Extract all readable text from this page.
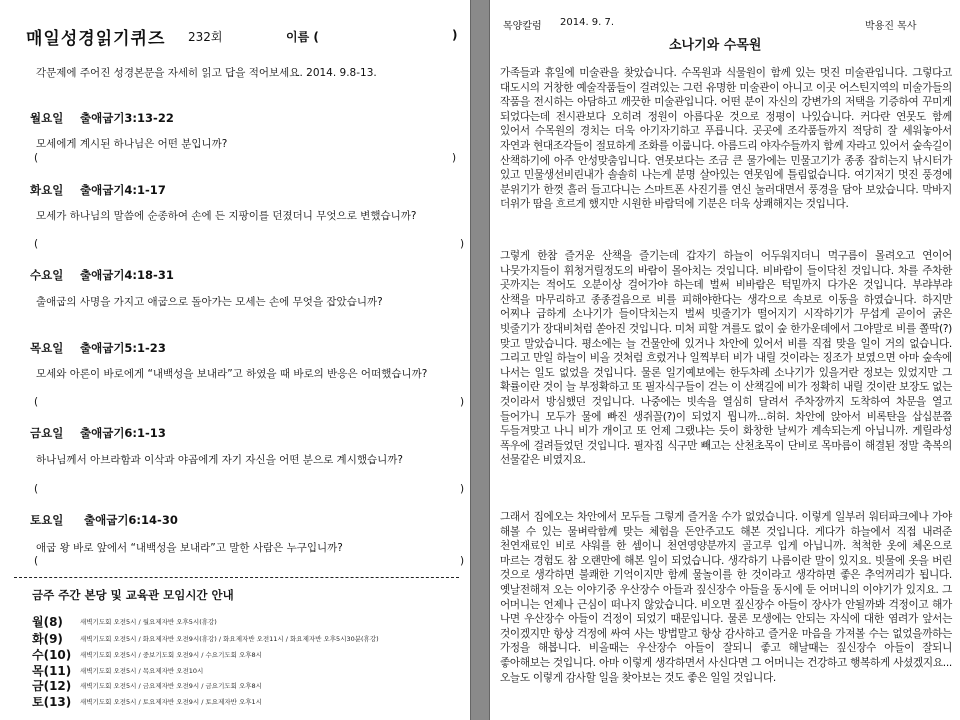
매일성경읽기퀴즈 232회	이름 (	)
각문제에 주어진 성경본문을 자세히 읽고 답을 적어보세요. 2014. 9.8-13.
월요일 출애굽기3:13-22
모세에게 계시된 하나님은 어떤 분입니까?
(	)
화요일 출애굽기4:1-17
모세가 하나님의 말씀에 순종하여 손에 든 지팡이를 던졌더니 무엇으로 변했습니까?
(	)
수요일 출애굽기4:18-31
출애굽의 사명을 가지고 애굽으로 돌아가는 모세는 손에 무엇을 잡았습니까?
목요일 출애굽기5:1-23
모세와 아론이 바로에게 “내백성을 보내라”고 하였을 때 바로의 반응은 어떠했습니까?
(	)
금요일 출애굽기6:1-13
하나님께서 아브라함과 이삭과 야곱에게 자기 자신을 어떤 분으로 계시했습니까?
(	)
토요일 출애굽기6:14-30
애굽 왕 바로 앞에서 “내백성을 보내라”고 말한 사람은 누구입니까?
(	)
금주 주간 본당 및 교육관 모임시간 안내
월(8)	새벽기도회 오전5시 / 월요제자반 오후5시(휴강)
화(9)	새벽기도회 오전5시 / 화요제자반 오전9시(휴강) / 화요제자반 오전11시 / 화요제자반 오후5시30분(휴강)
수(10) 새벽기도회 오전5시 / 중보기도회 오전9시 / 수요기도회 오후8시
목(11) 새벽기도회 오전5시 / 목요제자반 오전10시
금(12) 새벽기도회 오전5시 / 금요제자반 오전9시 / 금요기도회 오후8시
토(13) 새벽기도회 오전5시 / 토요제자반 오전9시 / 토요제자반 오후1시
목양칼럼 2014. 9. 7.	박용진 목사
소나기와 수목원

가족들과 휴일에 미술관을 찾았습니다. 수목원과 식물원이 함께 있는 멋진 미술관입니다. 그렇다고 대도시의 거창한 예술작품들이 걸려있는 그런 유명한 미술관이 아니고 이곳 어스틴지역의 미술가들의 작품을 전시하는 아담하고 깨끗한 미술관입니다. 어떤 분이 자신의 강변가의 저택을 기증하여 꾸미게 되었다는데 전시관보다 오히려 정원이 아름다운 것으로 정평이 나있습니다. 커다란 연못도 함께 있어서 수목원의 경치는 더욱 아기자기하고 푸릅니다. 곳곳에 조각품들까지 적당히 잘 세워놓아서 자연과 현대조각들이 절묘하게 조화를 이룹니다. 아름드리 야자수들까지 함께 자라고 있어서 숲속길이 산책하기에 아주 안성맞춤입니다. 연못보다는 조금 큰 물가에는 민물고기가 종종 잡히는지 낚시터가 있고 민물생선비린내가 솔솔히 나는게 분명 살아있는 연못임에 틀림없습니다. 여기저기 멋진 풍경에 분위기가 한껏 흘러 들고다니는 스마트폰 사진기를 연신 눌러대면서 풍경을 담아 보았습니다. 막바지 더위가 땀을 흐르게 했지만 시원한 바람덕에 기분은 더욱 상쾌해지는 것입니다.

그렇게 한참 즐거운 산책을 즐기는데 갑자기 하늘이 어두워지더니 먹구름이 몰려오고 연이어 나뭇가지들이 휘청거릴정도의 바람이 몰아치는 것입니다. 비바람이 들이닥친 것입니다. 차를 주차한 곳까지는 적어도 오분이상 걸어가야 하는데 벌써 비바람은 턱밑까지 다가온 것입니다. 부랴부랴 산책을 마무리하고 종종걸음으로 비를 피해야한다는 생각으로 속보로 이동을 하였습니다. 하지만 어찌나 급하게 소나기가 들이닥치는지 벌써 빗줄기가 떨어지기 시작하기가 무섭게 곧이어 굵은 빗줄기가 장대비처럼 쏟아진 것입니다. 미처 피할 겨를도 없이 숲 한가운데에서 그야말로 비를 쫄딱(?) 맞고 말았습니다. 평소에는 늘 건물안에 있거나 차안에 있어서 비를 직접 맞을 일이 거의 없습니다. 그리고 만일 하늘이 비올 것처럼 흐렸거나 일찍부터 비가 내릴 것이라는 징조가 보였으면 아마 숲속에 나서는 일도 없었을 것입니다. 물론 일기예보에는 한두차례 소나기가 있을거란 정보는 있었지만 그 확률이란 것이 늘 부정확하고 또 필자식구들이 걷는 이 산책길에 비가 정확히 내릴 것이란 보장도 없는 것이라서 방심했던 것입니다. 나중에는 빗속을 열심히 달려서 주차장까지 도착하여 차문을 열고 들어가니 모두가 물에 빠진 생쥐꼴(?)이 되었지 뭡니까...허허. 차안에 앉아서 비록탄을 삽십분쯤 두들겨맞고 나니 비가 개이고 또 언제 그랬냐는 듯이 화창한 날씨가 계속되는게 아닙니까. 게릴라성 폭우에 걸려들었던 것입니다. 필자집 식구만 빼고는 산천초목이 단비로 목마름이 해결된 정말 축복의 선물같은 비였지요.

그래서 집에오는 차안에서 모두들 그렇게 즐거울 수가 없었습니다. 이렇게 일부러 워터파크에나 가야 해볼 수 있는 물벼락함께 맞는 체험을 돈안주고도 해본 것입니다. 게다가 하늘에서 직접 내려준 천연재료인 비로 샤워를 한 셈이니 천연영양분까지 골고루 입게 아닙니까. 척척한 옷에 체온으로 마르는 경험도 참 오랜만에 해본 일이 되었습니다. 생각하기 나름이란 말이 있지요. 빗물에 옷을 버린 것으로 생각하면 불쾌한 기억이지만 함께 물놀이를 한 것이라고 생각하면 좋은 추억꺼리가 됩니다. 옛날전해져 오는 이야기중 우산장수 아들과 짚신장수 아들을 동시에 둔 어머니의 이야기가 있지요. 그 어머니는 언제나 근심이 떠나지 않았습니다. 비오면 짚신장수 아들이 장사가 안될까봐 걱정이고 해가 나면 우산장수 아들이 걱정이 되었기 때문입니다. 물론 모생에는 안되는 자식에 대한 염려가 앞서는 것이겠지만 항상 걱정에 싸여 사는 방법말고 항상 감사하고 즐거운 마음을 가져볼 수는 없었을까하는 가정을 해봅니다. 비올때는 우산장수 아들이 잘되니 좋고 해날때는 짚신장수 아들이 잘되니 좋아해보는 것입니다. 아마 이렇게 생각하면서 사신다면 그 어머니는 건강하고 행복하게 사셨겠지요... 오늘도 이렇게 감사할 일을 찾아보는 것도 좋은 일일 것입니다.
